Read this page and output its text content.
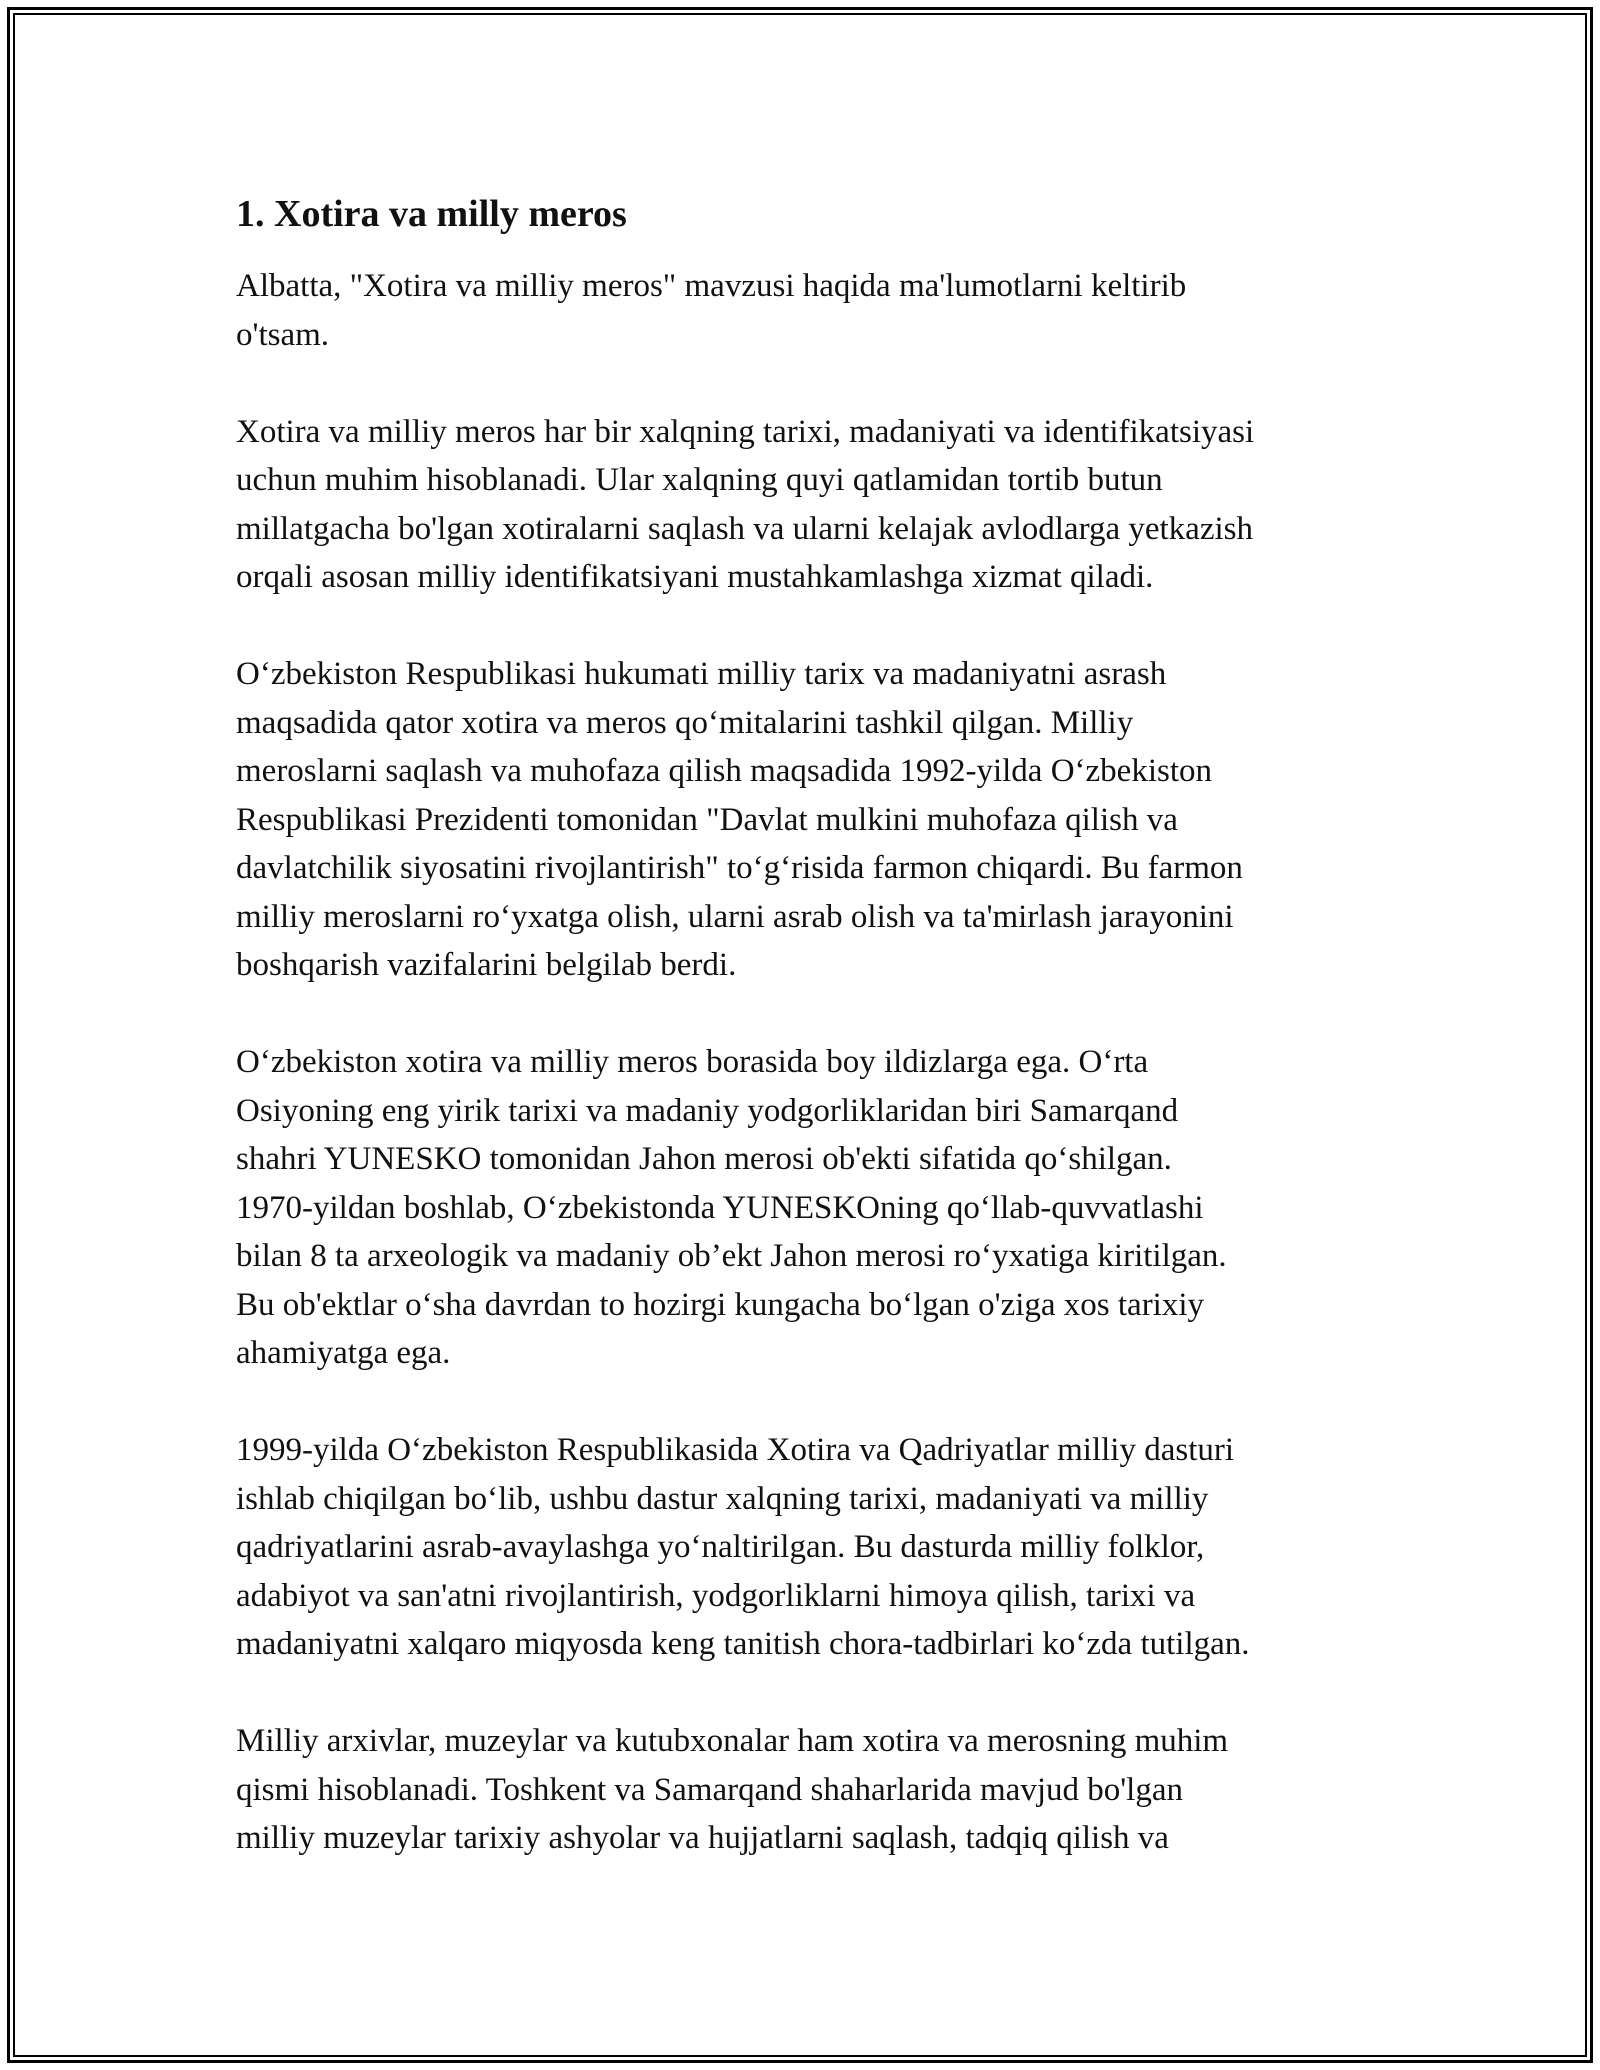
1. Xotira va milly meros

Albatta, "Xotira va milliy meros" mavzusi haqida ma'lumotlarni keltirib
o'tsam.

Xotira va milliy meros har bir xalqning tarixi, madaniyati va identifikatsiyasi
uchun muhim hisoblanadi. Ular xalqning quyi qatlamidan tortib butun
millatgacha bo'lgan xotiralarni saqlash va ularni kelajak avlodlarga yetkazish
orqali asosan milliy identifikatsiyani mustahkamlashga xizmat qiladi.

O‘zbekiston Respublikasi hukumati milliy tarix va madaniyatni asrash
maqsadida qator xotira va meros qo‘mitalarini tashkil qilgan. Milliy
meroslarni saqlash va muhofaza qilish maqsadida 1992-yilda O‘zbekiston
Respublikasi Prezidenti tomonidan "Davlat mulkini muhofaza qilish va
davlatchilik siyosatini rivojlantirish" to‘g‘risida farmon chiqardi. Bu farmon
milliy meroslarni ro‘yxatga olish, ularni asrab olish va ta'mirlash jarayonini
boshqarish vazifalarini belgilab berdi.

O‘zbekiston xotira va milliy meros borasida boy ildizlarga ega. O‘rta
Osiyoning eng yirik tarixi va madaniy yodgorliklaridan biri Samarqand
shahri YUNESKO tomonidan Jahon merosi ob'ekti sifatida qo‘shilgan.
1970-yildan boshlab, O‘zbekistonda YUNESKOning qo‘llab-quvvatlashi
bilan 8 ta arxeologik va madaniy ob’ekt Jahon merosi ro‘yxatiga kiritilgan.
Bu ob'ektlar o‘sha davrdan to hozirgi kungacha bo‘lgan o'ziga xos tarixiy
ahamiyatga ega.

1999-yilda O‘zbekiston Respublikasida Xotira va Qadriyatlar milliy dasturi
ishlab chiqilgan bo‘lib, ushbu dastur xalqning tarixi, madaniyati va milliy
qadriyatlarini asrab-avaylashga yo‘naltirilgan. Bu dasturda milliy folklor,
adabiyot va san'atni rivojlantirish, yodgorliklarni himoya qilish, tarixi va
madaniyatni xalqaro miqyosda keng tanitish chora-tadbirlari ko‘zda tutilgan.

Milliy arxivlar, muzeylar va kutubxonalar ham xotira va merosning muhim
qismi hisoblanadi. Toshkent va Samarqand shaharlarida mavjud bo'lgan
milliy muzeylar tarixiy ashyolar va hujjatlarni saqlash, tadqiq qilish va
